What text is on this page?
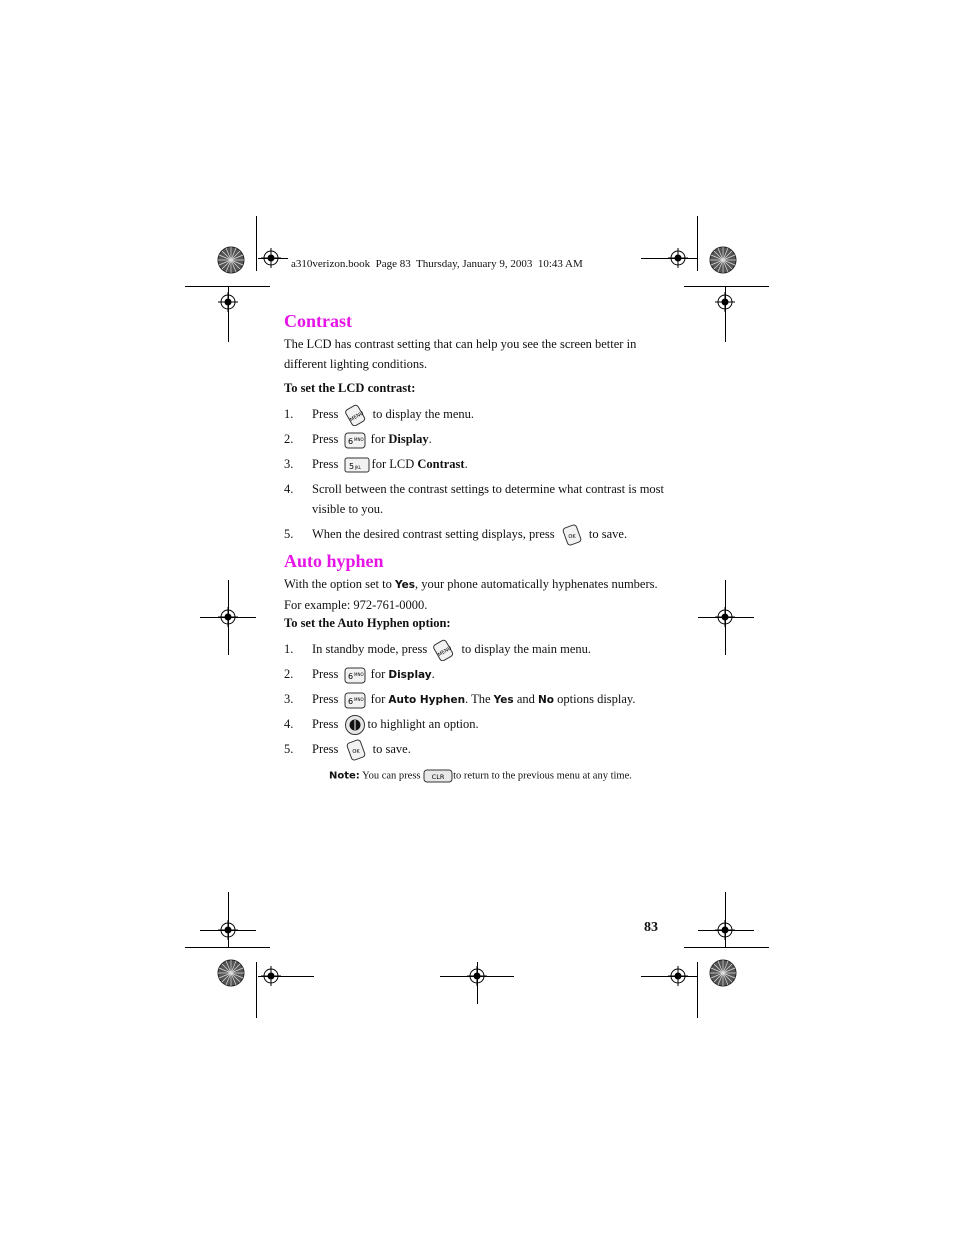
a310verizon.book  Page 83  Thursday, January 9, 2003  10:43 AM
Contrast
The LCD has contrast setting that can help you see the screen better in different lighting conditions.
To set the LCD contrast:
1. Press MENU to display the menu.
2. Press 6 MNO for Display.
3. Press 5 JKL for LCD Contrast.
4. Scroll between the contrast settings to determine what contrast is most visible to you.
5. When the desired contrast setting displays, press	OK to save.
Auto hyphen
With the option set to Yes, your phone automatically hyphenates numbers. For example: 972-761-0000.
To set the Auto Hyphen option:
1. In standby mode, press MENU to display the main menu.
2. Press 6 MNO for Display.
3. Press 6 MNO for Auto Hyphen. The Yes and No options display.
4. Press to highlight an option.
5. Press	OK to save.
Note: You can press CLR to return to the previous menu at any time.
83
